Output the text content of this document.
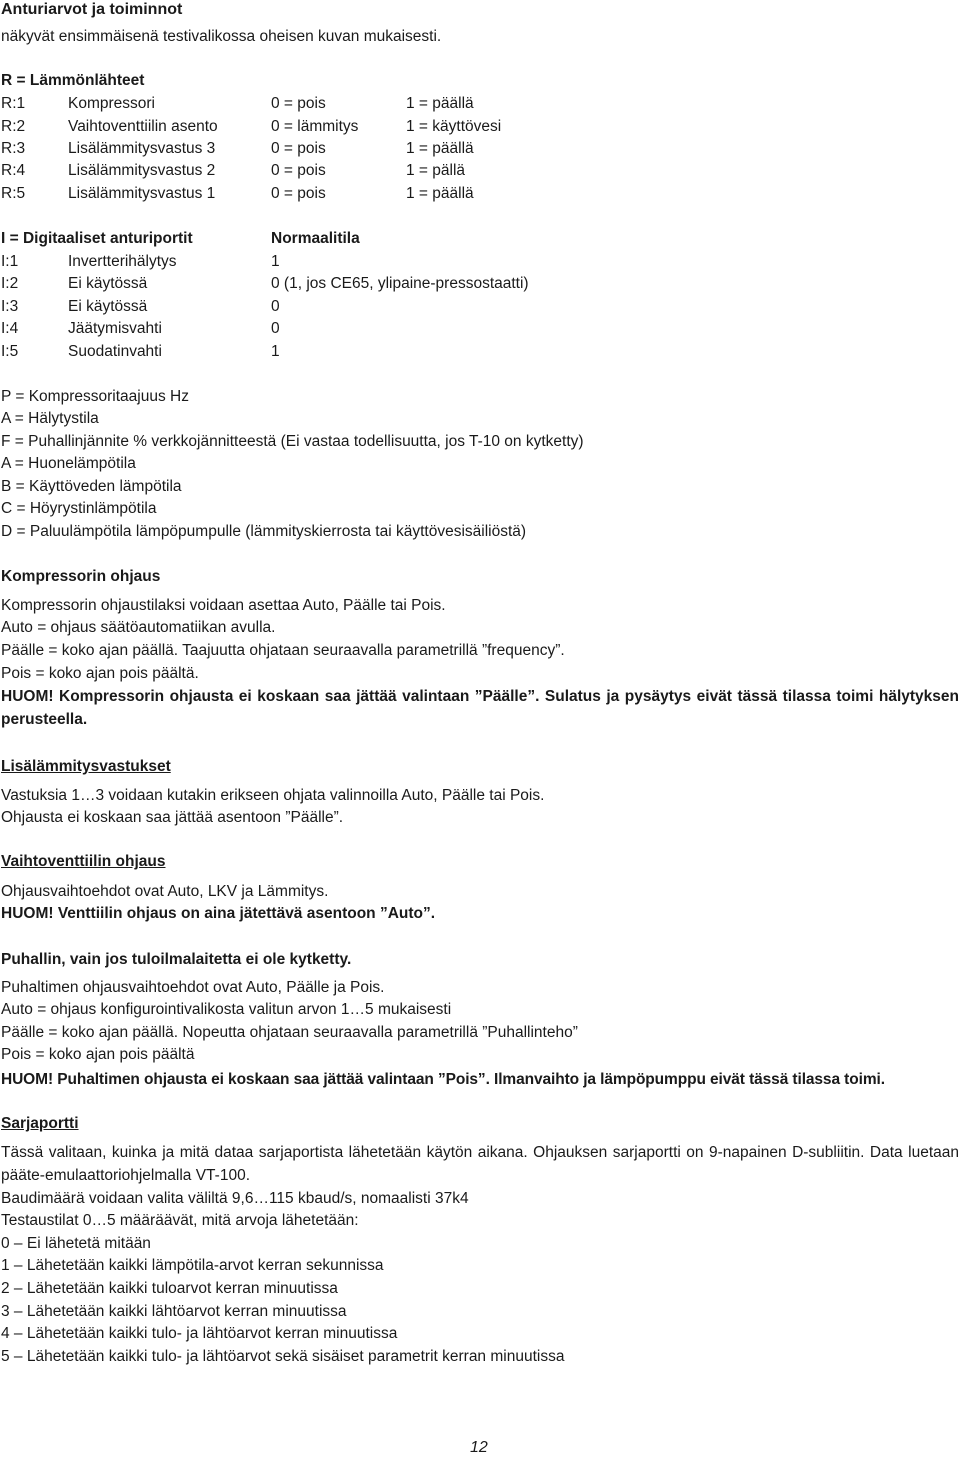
Anturiarvot ja toiminnot
näkyvät ensimmäisenä testivalikossa oheisen kuvan mukaisesti.
R = Lämmönlähteet
R:1	Kompressori	0 = pois	1 = päällä
R:2	Vaihtoventtiilin asento	0 = lämmitys	1 = käyttövesi
R:3	Lisälämmitysvastus 3	0 = pois	1 = päällä
R:4	Lisälämmitysvastus 2	0 = pois	1 = pällä
R:5	Lisälämmitysvastus 1	0 = pois	1 = päällä
I = Digitaaliset anturiportit	Normaalitila
I:1	Invertterihälytys	1
I:2	Ei käytössä	0 (1, jos CE65, ylipaine-pressostaatti)
I:3	Ei käytössä	0
I:4	Jäätymisvahti	0
I:5	Suodatinvahti	1
P = Kompressoritaajuus Hz
A = Hälytystila
F = Puhallinjännite % verkkojännitteestä (Ei vastaa todellisuutta, jos T-10 on kytketty)
A = Huonelämpötila
B = Käyttöveden lämpötila
C = Höyrystinlämpötila
D = Paluulämpötila lämpöpumpulle (lämmityskierrosta tai käyttövesisäiliöstä)
Kompressorin ohjaus
Kompressorin ohjaustilaksi voidaan asettaa Auto, Päälle tai Pois.
Auto = ohjaus säätöautomatiikan avulla.
Päälle = koko ajan päällä. Taajuutta ohjataan seuraavalla parametrillä ”frequency”.
Pois = koko ajan pois päältä.
HUOM! Kompressorin ohjausta ei koskaan saa jättää valintaan ”Päälle”. Sulatus ja pysäytys eivät tässä tilassa toimi hälytyksen perusteella.
Lisälämmitysvastukset
Vastuksia 1…3 voidaan kutakin erikseen ohjata valinnoilla Auto, Päälle tai Pois.
Ohjausta ei koskaan saa jättää asentoon ”Päälle”.
Vaihtoventtiilin ohjaus
Ohjausvaihtoehdot ovat Auto, LKV ja Lämmitys.
HUOM! Venttiilin ohjaus on aina jätettävä asentoon ”Auto”.
Puhallin, vain jos tuloilmalaitetta ei ole kytketty.
Puhaltimen ohjausvaihtoehdot ovat Auto, Päälle ja Pois.
Auto = ohjaus konfigurointivalikosta valitun arvon 1…5 mukaisesti
Päälle = koko ajan päällä. Nopeutta ohjataan seuraavalla parametrillä ”Puhallinteho”
Pois = koko ajan pois päältä
HUOM! Puhaltimen ohjausta ei koskaan saa jättää valintaan ”Pois”. Ilmanvaihto ja lämpöpumppu eivät tässä tilassa toimi.
Sarjaportti
Tässä valitaan, kuinka ja mitä dataa sarjaportista lähetetään käytön aikana. Ohjauksen sarjaportti on 9-napainen D-subliitin. Data luetaan pääte-emulaattoriohjelmalla VT-100.
Baudimäärä voidaan valita väliltä 9,6…115 kbaud/s, nomaalisti 37k4
Testaustilat 0…5 määräävät, mitä arvoja lähetetään:
0 – Ei lähetetä mitään
1 – Lähetetään kaikki lämpötila-arvot kerran sekunnissa
2 – Lähetetään kaikki tuloarvot kerran minuutissa
3 – Lähetetään kaikki lähtöarvot kerran minuutissa
4 – Lähetetään kaikki tulo- ja lähtöarvot kerran minuutissa
5 – Lähetetään kaikki tulo- ja lähtöarvot sekä sisäiset parametrit kerran minuutissa
12
